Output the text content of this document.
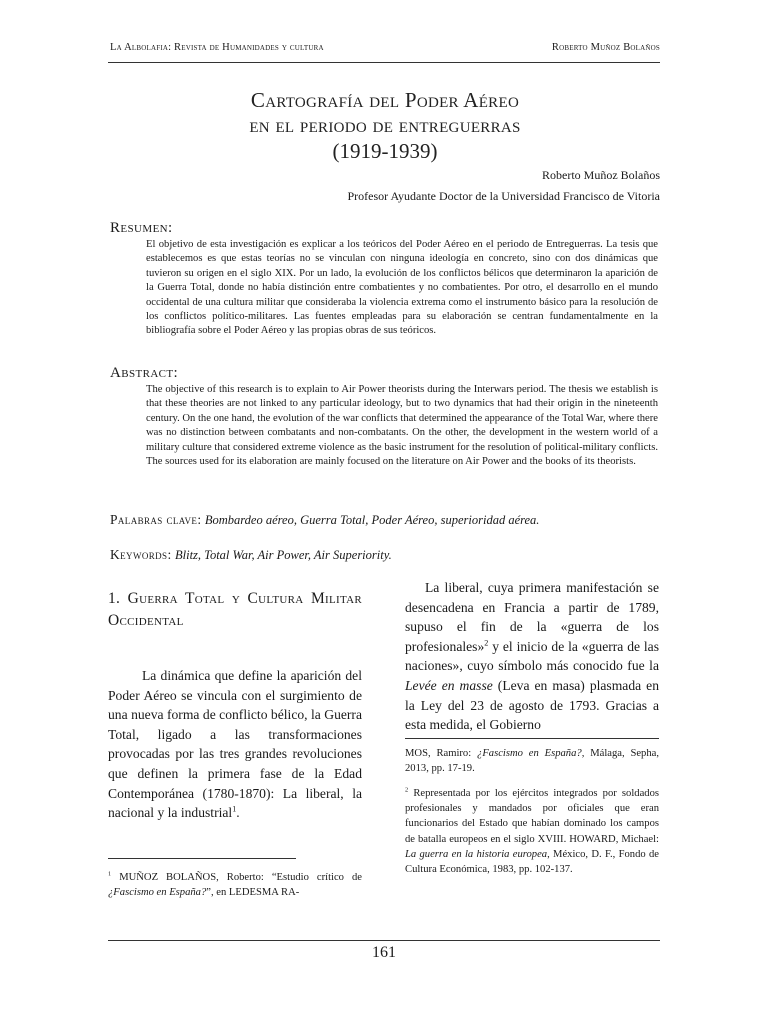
La Albolafia: Revista de Humanidades y cultura	Roberto Muñoz Bolaños
Cartografía del Poder Aéreo
en el periodo de entreguerras
(1919-1939)
Roberto Muñoz Bolaños
Profesor Ayudante Doctor de la Universidad Francisco de Vitoria
Resumen:
El objetivo de esta investigación es explicar a los teóricos del Poder Aéreo en el periodo de Entreguerras. La tesis que establecemos es que estas teorías no se vinculan con ninguna ideología en concreto, sino con dos dinámicas que tuvieron su origen en el siglo XIX. Por un lado, la evolución de los conflictos bélicos que determinaron la aparición de la Guerra Total, donde no había distinción entre combatientes y no combatientes. Por otro, el desarrollo en el mundo occidental de una cultura militar que consideraba la violencia extrema como el instrumento básico para la resolución de los conflictos político-militares. Las fuentes empleadas para su elaboración se centran fundamentalmente en la bibliografía sobre el Poder Aéreo y las propias obras de sus teóricos.
Abstract:
The objective of this research is to explain to Air Power theorists during the Interwars period. The thesis we establish is that these theories are not linked to any particular ideology, but to two dynamics that had their origin in the nineteenth century. On the one hand, the evolution of the war conflicts that determined the appearance of the Total War, where there was no distinction between combatants and non-combatants. On the other, the development in the western world of a military culture that considered extreme violence as the basic instrument for the resolution of political-military conflicts. The sources used for its elaboration are mainly focused on the literature on Air Power and the books of its theorists.
Palabras clave: Bombardeo aéreo, Guerra Total, Poder Aéreo, superioridad aérea.
Keywords: Blitz, Total War, Air Power, Air Superiority.
1. Guerra Total y Cultura Militar Occidental
La dinámica que define la aparición del Poder Aéreo se vincula con el surgimiento de una nueva forma de conflicto bélico, la Guerra Total, ligado a las transformaciones provocadas por las tres grandes revoluciones que definen la primera fase de la Edad Contemporánea (1780-1870): La liberal, la nacional y la industrial$^1$.
$^1$ MUÑOZ BOLAÑOS, Roberto: “Estudio crítico de ¿Fascismo en España?”, en LEDESMA RA-
La liberal, cuya primera manifestación se desencadena en Francia a partir de 1789, supuso el fin de la «guerra de los profesionales»$^2$ y el inicio de la «guerra de las naciones», cuyo símbolo más conocido fue la Levée en masse (Leva en masa) plasmada en la Ley del 23 de agosto de 1793. Gracias a esta medida, el Gobierno
MOS, Ramiro: ¿Fascismo en España?, Málaga, Sepha, 2013, pp. 17-19.
$^2$ Representada por los ejércitos integrados por soldados profesionales y mandados por oficiales que eran funcionarios del Estado que habían dominado los campos de batalla europeos en el siglo XVIII. HOWARD, Michael: La guerra en la historia europea, México, D. F., Fondo de Cultura Económica, 1983, pp. 102-137.
161
